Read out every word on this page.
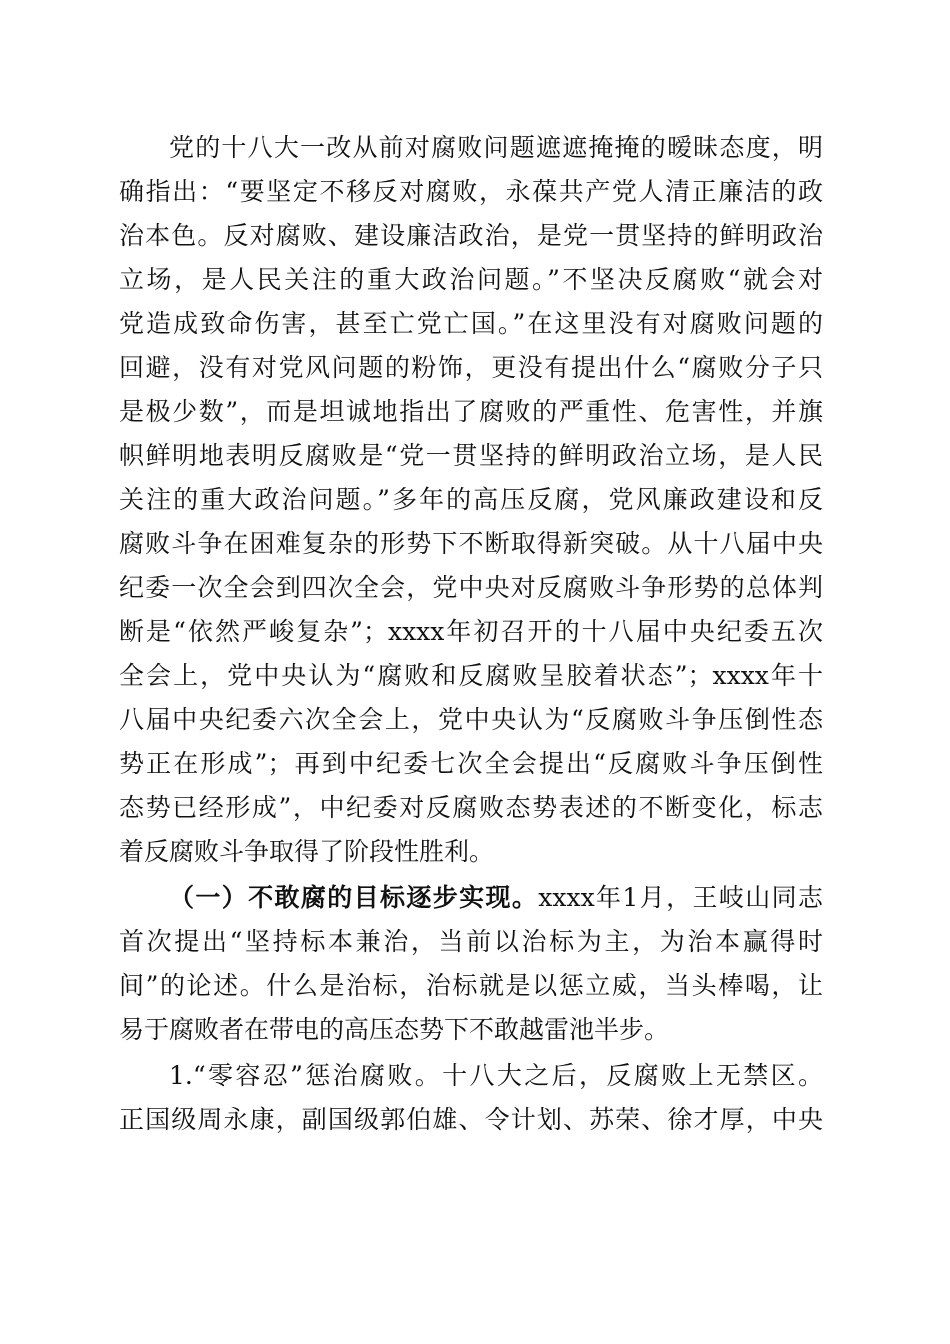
党的十八大一改从前对腐败问题遮遮掩掩的暧昧态度，明
确指出：“要坚定不移反对腐败，永葆共产党人清正廉洁的政
治本色。反对腐败、建设廉洁政治，是党一贯坚持的鲜明政治
立场，是人民关注的重大政治问题。”不坚决反腐败“就会对
党造成致命伤害，甚至亡党亡国。”在这里没有对腐败问题的
回避，没有对党风问题的粉饰，更没有提出什么“腐败分子只
是极少数”，而是坦诚地指出了腐败的严重性、危害性，并旗
帜鲜明地表明反腐败是“党一贯坚持的鲜明政治立场，是人民
关注的重大政治问题。”多年的高压反腐，党风廉政建设和反
腐败斗争在困难复杂的形势下不断取得新突破。从十八届中央
纪委一次全会到四次全会，党中央对反腐败斗争形势的总体判
断是“依然严峻复杂”；xxxx年初召开的十八届中央纪委五次
全会上，党中央认为“腐败和反腐败呈胶着状态”；xxxx年十
八届中央纪委六次全会上，党中央认为“反腐败斗争压倒性态
势正在形成”；再到中纪委七次全会提出“反腐败斗争压倒性
态势已经形成”，中纪委对反腐败态势表述的不断变化，标志
着反腐败斗争取得了阶段性胜利。
（一）不敢腐的目标逐步实现。xxxx年1月，王岐山同志
首次提出“坚持标本兼治，当前以治标为主，为治本赢得时
间”的论述。什么是治标，治标就是以惩立威，当头棒喝，让
易于腐败者在带电的高压态势下不敢越雷池半步。
1.“零容忍”惩治腐败。十八大之后，反腐败上无禁区。
正国级周永康，副国级郭伯雄、令计划、苏荣、徐才厚，中央
